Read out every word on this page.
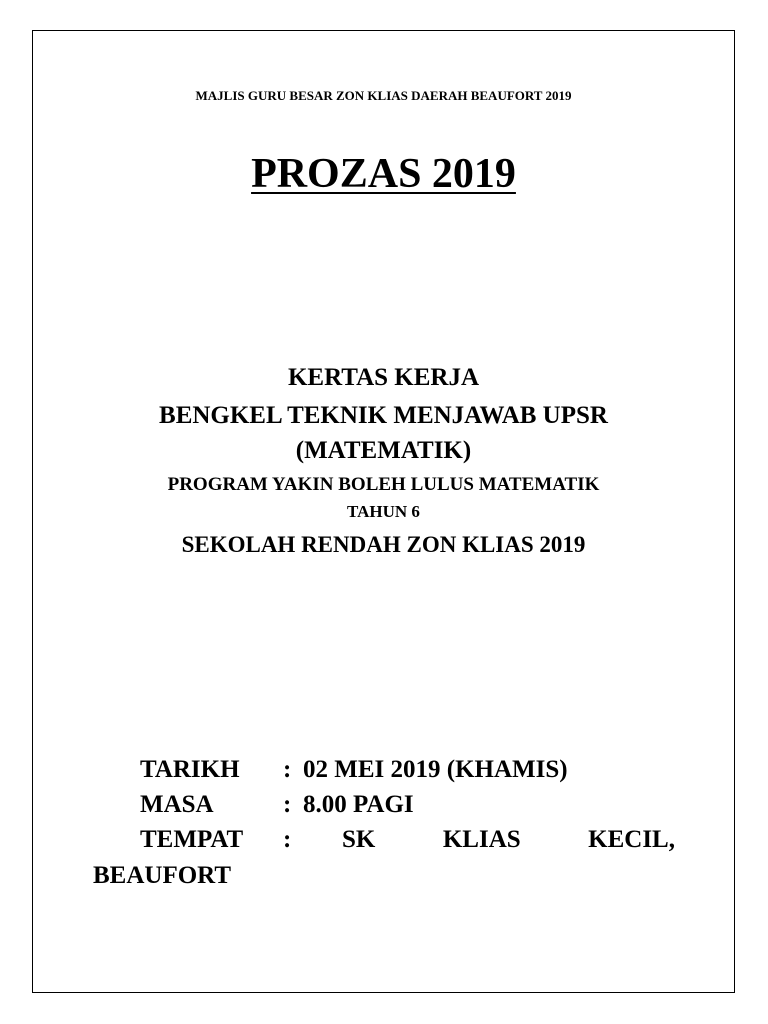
MAJLIS GURU BESAR ZON KLIAS DAERAH BEAUFORT 2019
PROZAS 2019
KERTAS KERJA
BENGKEL TEKNIK MENJAWAB UPSR
(MATEMATIK)
PROGRAM YAKIN BOLEH LULUS MATEMATIK
TAHUN 6
SEKOLAH RENDAH ZON KLIAS 2019
TARIKH : 02 MEI 2019 (KHAMIS)
MASA	: 8.00 PAGI
TEMPAT : SK	KLIAS	KECIL,
BEAUFORT
